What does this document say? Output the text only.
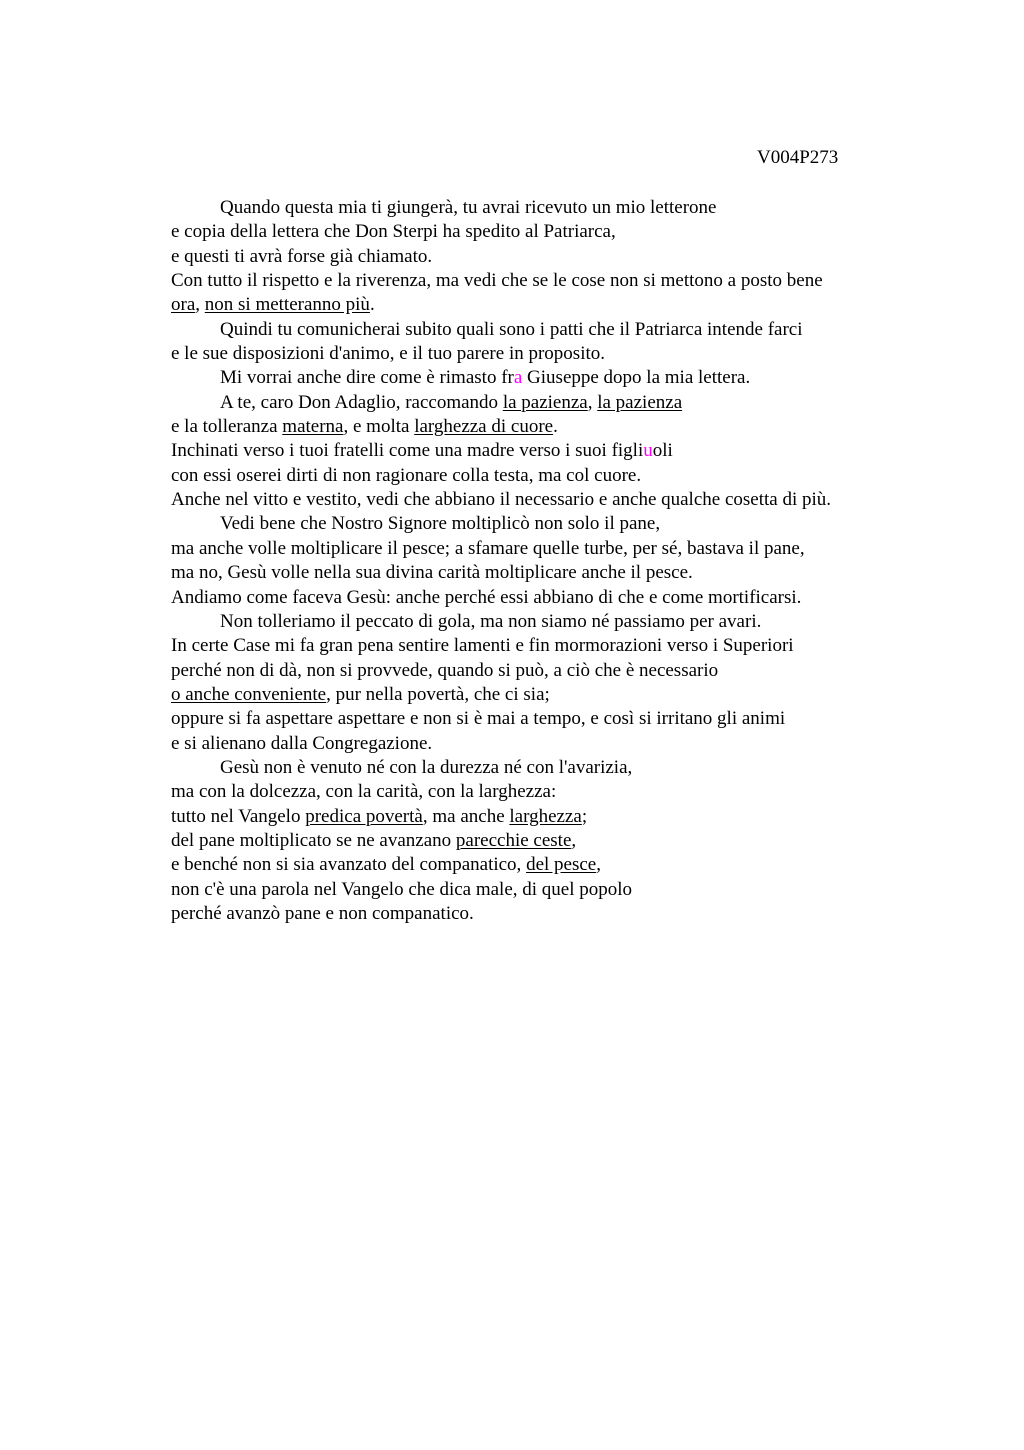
V004P273
Quando questa mia ti giungerà, tu avrai ricevuto un mio letterone
e copia della lettera che Don Sterpi ha spedito al Patriarca,
e questi ti avrà forse già chiamato.
Con tutto il rispetto e la riverenza, ma vedi che se le cose non si mettono a posto bene
ora, non si metteranno più.
Quindi tu comunicherai subito quali sono i patti che il Patriarca intende farci
e le sue disposizioni d'animo, e il tuo parere in proposito.
Mi vorrai anche dire come è rimasto fra Giuseppe dopo la mia lettera.
A te, caro Don Adaglio, raccomando la pazienza, la pazienza
e la tolleranza materna, e molta larghezza di cuore.
Inchinati verso i tuoi fratelli come una madre verso i suoi figliuoli
con essi oserei dirti di non ragionare colla testa, ma col cuore.
Anche nel vitto e vestito, vedi che abbiano il necessario e anche qualche cosetta di più.
Vedi bene che Nostro Signore moltiplicò non solo il pane,
ma anche volle moltiplicare il pesce; a sfamare quelle turbe, per sé, bastava il pane,
ma no, Gesù volle nella sua divina carità moltiplicare anche il pesce.
Andiamo come faceva Gesù: anche perché essi abbiano di che e come mortificarsi.
Non tolleriamo il peccato di gola, ma non siamo né passiamo per avari.
In certe Case mi fa gran pena sentire lamenti e fin mormorazioni verso i Superiori
perché non di dà, non si provvede, quando si può, a ciò che è necessario
o anche conveniente, pur nella povertà, che ci sia;
oppure si fa aspettare aspettare e non si è mai a tempo, e così si irritano gli animi
e si alienano dalla Congregazione.
Gesù non è venuto né con la durezza né con l'avarizia,
ma con la dolcezza, con la carità, con la larghezza:
tutto nel Vangelo predica povertà, ma anche larghezza;
del pane moltiplicato se ne avanzano parecchie ceste,
e benché non si sia avanzato del companatico, del pesce,
non c'è una parola nel Vangelo che dica male, di quel popolo
perché avanzò pane e non companatico.
